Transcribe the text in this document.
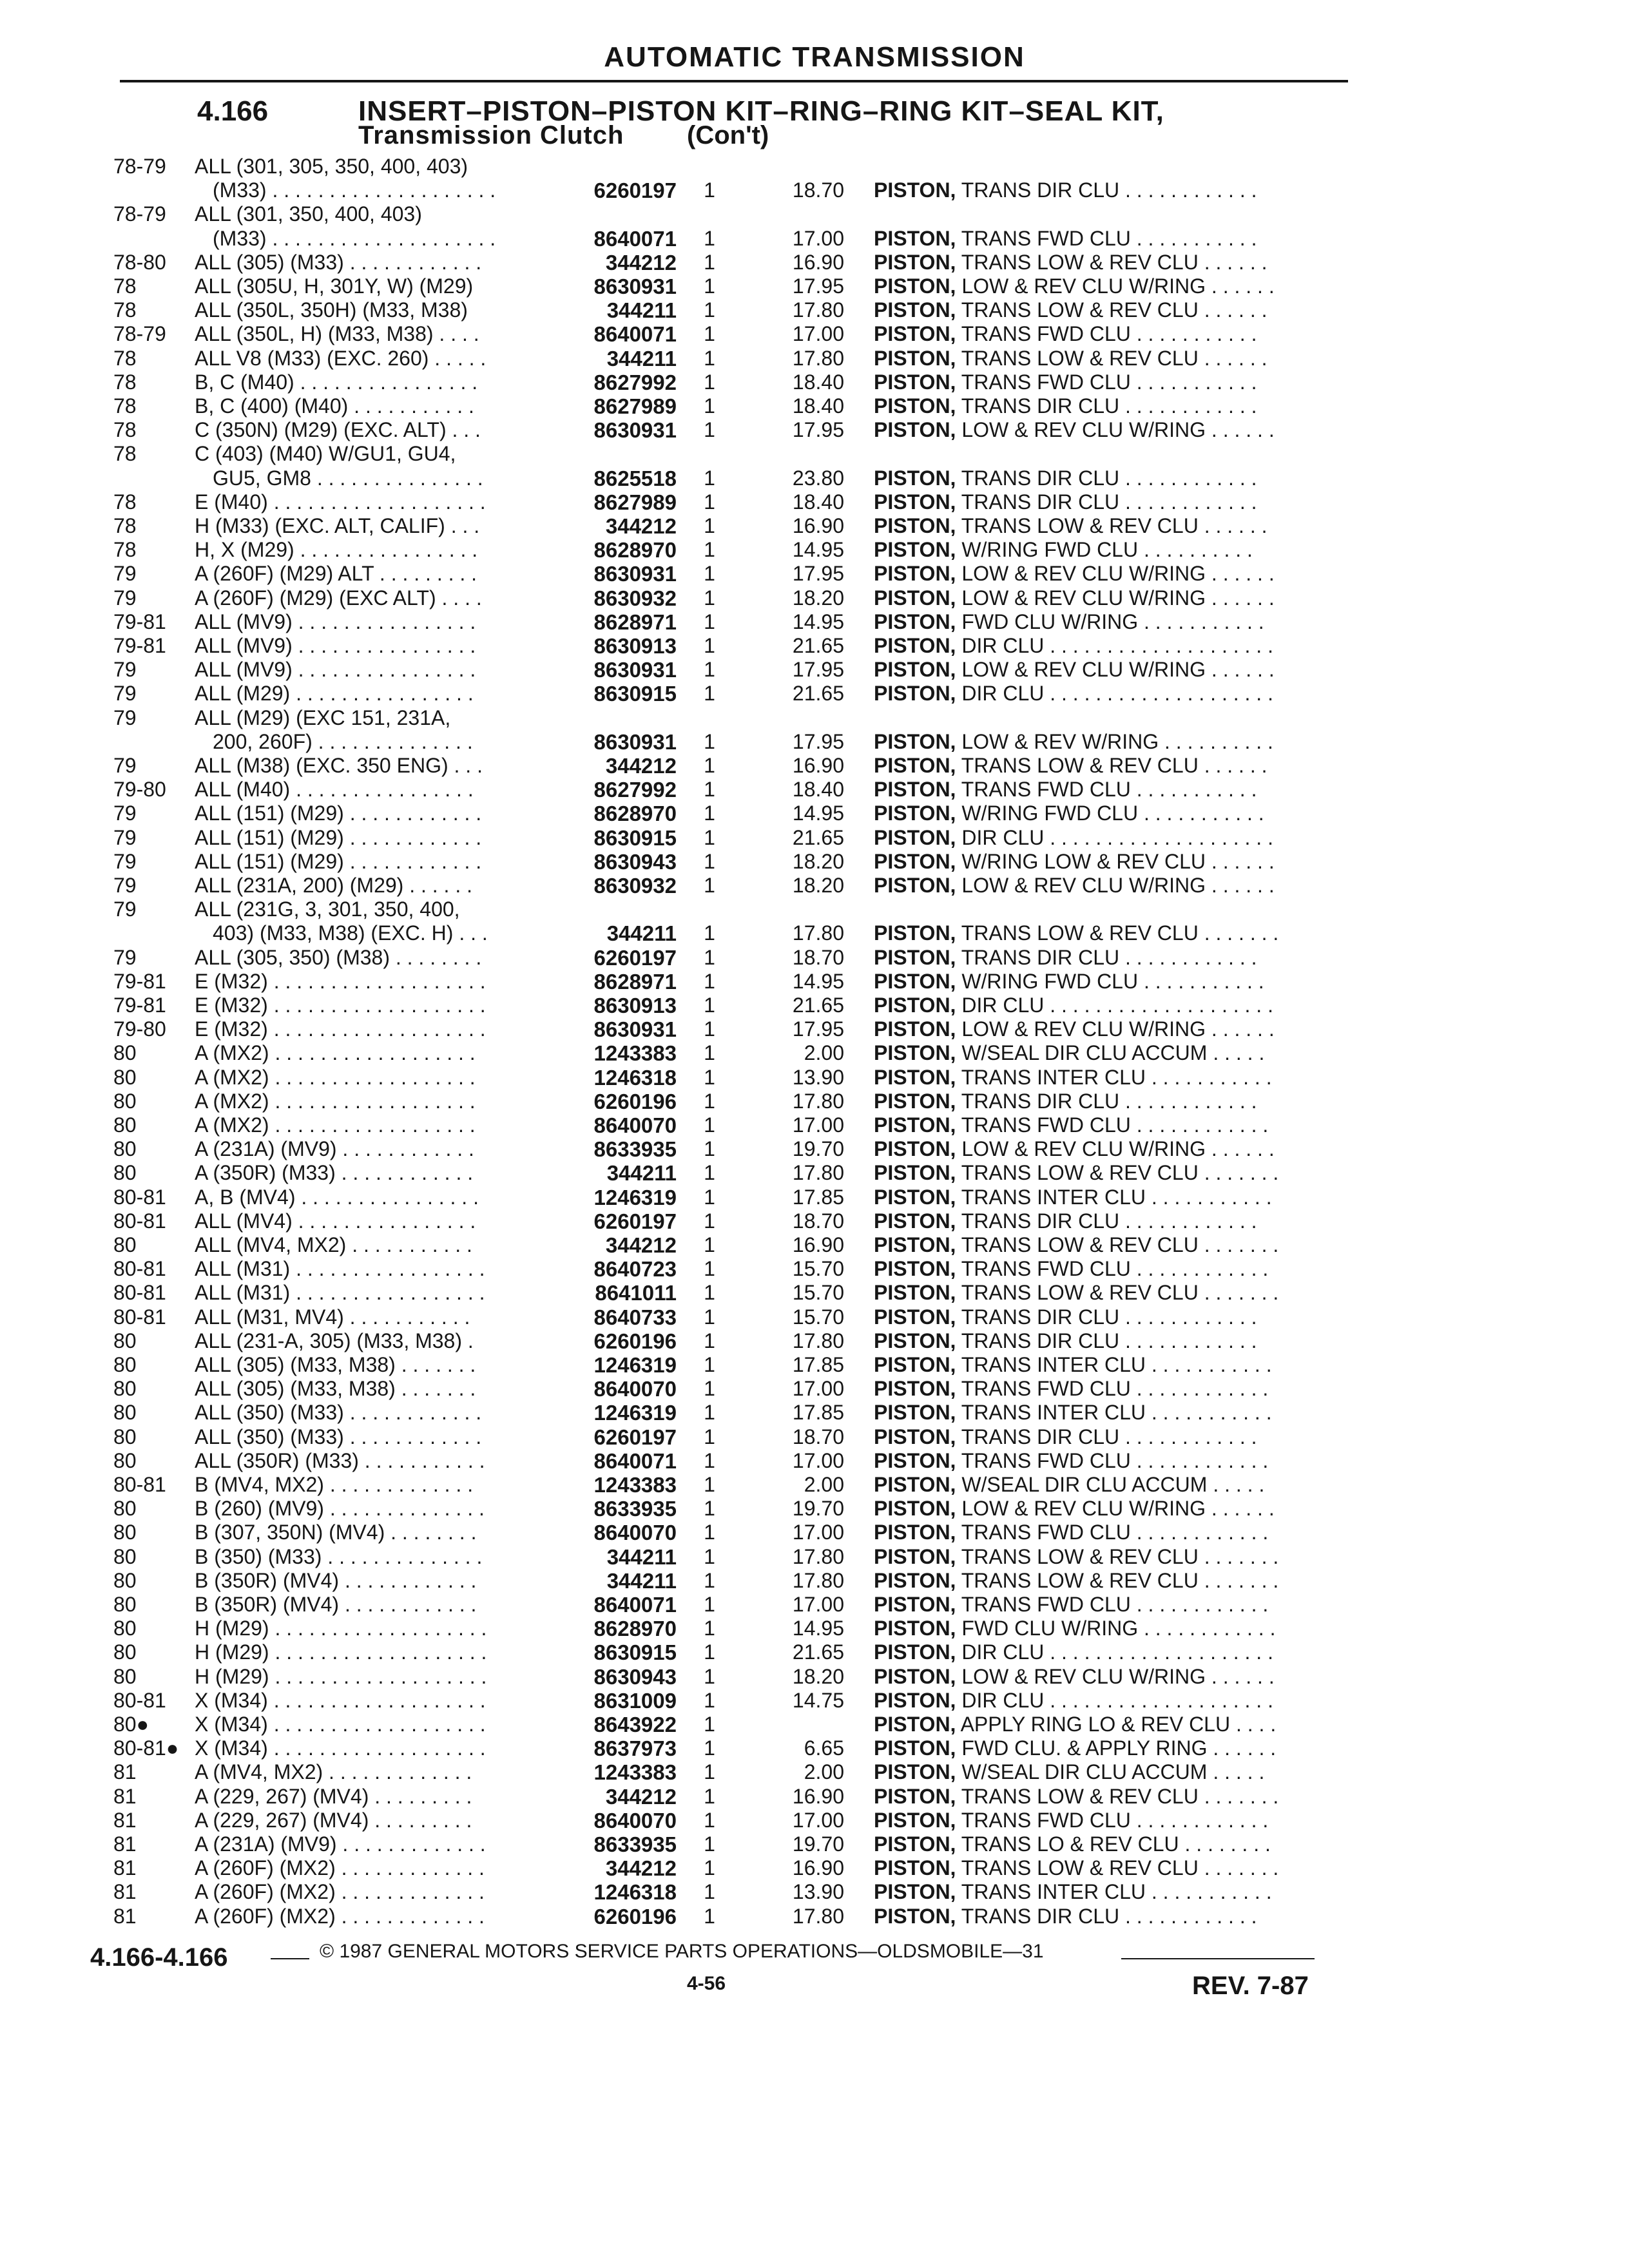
AUTOMATIC TRANSMISSION
4.166	INSERT–PISTON–PISTON KIT–RING–RING KIT–SEAL KIT,
Transmission Clutch (Con't)
78-79 ALL (301, 305, 350, 400, 403)
(M33) . . . . . . . . . . . . . . . . . . . .	6260197 1	18.70 PISTON, TRANS DIR CLU . . . . . . . . . . . .
78-79 ALL (301, 350, 400, 403)
(M33) . . . . . . . . . . . . . . . . . . . .	8640071 1	17.00 PISTON, TRANS FWD CLU . . . . . . . . . . .
78-80 ALL (305) (M33) . . . . . . . . . . . .	344212 1	16.90 PISTON, TRANS LOW & REV CLU . . . . . .
78	ALL (305U, H, 301Y, W) (M29)	8630931 1	17.95 PISTON, LOW & REV CLU W/RING . . . . . .
78	ALL (350L, 350H) (M33, M38)	344211 1	17.80 PISTON, TRANS LOW & REV CLU . . . . . .
78-79 ALL (350L, H) (M33, M38) . . . .	8640071 1	17.00 PISTON, TRANS FWD CLU . . . . . . . . . . .
78	ALL V8 (M33) (EXC. 260) . . . . .	344211 1	17.80 PISTON, TRANS LOW & REV CLU . . . . . .
78	B, C (M40) . . . . . . . . . . . . . . . .	8627992 1	18.40 PISTON, TRANS FWD CLU . . . . . . . . . . .
78	B, C (400) (M40) . . . . . . . . . . .	8627989 1	18.40 PISTON, TRANS DIR CLU . . . . . . . . . . . .
78	C (350N) (M29) (EXC. ALT) . . .	8630931 1	17.95 PISTON, LOW & REV CLU W/RING . . . . . .
78	C (403) (M40) W/GU1, GU4,
GU5, GM8 . . . . . . . . . . . . . . .	8625518 1	23.80 PISTON, TRANS DIR CLU . . . . . . . . . . . .
78	E (M40) . . . . . . . . . . . . . . . . . . .	8627989 1	18.40 PISTON, TRANS DIR CLU . . . . . . . . . . . .
78	H (M33) (EXC. ALT, CALIF) . . .	344212 1	16.90 PISTON, TRANS LOW & REV CLU . . . . . .
78	H, X (M29) . . . . . . . . . . . . . . . .	8628970 1	14.95 PISTON, W/RING FWD CLU . . . . . . . . . .
79	A (260F) (M29) ALT . . . . . . . . .	8630931 1	17.95 PISTON, LOW & REV CLU W/RING . . . . . .
79	A (260F) (M29) (EXC ALT) . . . .	8630932 1	18.20 PISTON, LOW & REV CLU W/RING . . . . . .
79-81 ALL (MV9) . . . . . . . . . . . . . . . .	8628971 1	14.95 PISTON, FWD CLU W/RING . . . . . . . . . . .
79-81 ALL (MV9) . . . . . . . . . . . . . . . .	8630913 1	21.65 PISTON, DIR CLU . . . . . . . . . . . . . . . . . . . .
79	ALL (MV9) . . . . . . . . . . . . . . . .	8630931 1	17.95 PISTON, LOW & REV CLU W/RING . . . . . .
79	ALL (M29) . . . . . . . . . . . . . . . .	8630915 1	21.65 PISTON, DIR CLU . . . . . . . . . . . . . . . . . . . .
79	ALL (M29) (EXC 151, 231A,
200, 260F) . . . . . . . . . . . . . .	8630931 1	17.95 PISTON, LOW & REV W/RING . . . . . . . . . .
79	ALL (M38) (EXC. 350 ENG) . . .	344212 1	16.90 PISTON, TRANS LOW & REV CLU . . . . . .
79-80 ALL (M40) . . . . . . . . . . . . . . . .	8627992 1	18.40 PISTON, TRANS FWD CLU . . . . . . . . . . .
79	ALL (151) (M29) . . . . . . . . . . . .	8628970 1	14.95 PISTON, W/RING FWD CLU . . . . . . . . . . .
79	ALL (151) (M29) . . . . . . . . . . . .	8630915 1	21.65 PISTON, DIR CLU . . . . . . . . . . . . . . . . . . . .
79	ALL (151) (M29) . . . . . . . . . . . .	8630943 1	18.20 PISTON, W/RING LOW & REV CLU . . . . . .
79	ALL (231A, 200) (M29) . . . . . .	8630932 1	18.20 PISTON, LOW & REV CLU W/RING . . . . . .
79	ALL (231G, 3, 301, 350, 400,
403) (M33, M38) (EXC. H) . . .	344211 1	17.80 PISTON, TRANS LOW & REV CLU . . . . . . .
79	ALL (305, 350) (M38) . . . . . . . .	6260197 1	18.70 PISTON, TRANS DIR CLU . . . . . . . . . . . .
79-81 E (M32) . . . . . . . . . . . . . . . . . . .	8628971 1	14.95 PISTON, W/RING FWD CLU . . . . . . . . . . .
79-81 E (M32) . . . . . . . . . . . . . . . . . . .	8630913 1	21.65 PISTON, DIR CLU . . . . . . . . . . . . . . . . . . . .
79-80 E (M32) . . . . . . . . . . . . . . . . . . .	8630931 1	17.95 PISTON, LOW & REV CLU W/RING . . . . . .
80	A (MX2) . . . . . . . . . . . . . . . . . .	1243383 1	2.00 PISTON, W/SEAL DIR CLU ACCUM . . . . .
80	A (MX2) . . . . . . . . . . . . . . . . . .	1246318 1	13.90 PISTON, TRANS INTER CLU . . . . . . . . . . .
80	A (MX2) . . . . . . . . . . . . . . . . . .	6260196 1	17.80 PISTON, TRANS DIR CLU . . . . . . . . . . . .
80	A (MX2) . . . . . . . . . . . . . . . . . .	8640070 1	17.00 PISTON, TRANS FWD CLU . . . . . . . . . . . .
80	A (231A) (MV9) . . . . . . . . . . . .	8633935 1	19.70 PISTON, LOW & REV CLU W/RING . . . . . .
80	A (350R) (M33) . . . . . . . . . . . .	344211 1	17.80 PISTON, TRANS LOW & REV CLU . . . . . . .
80-81 A, B (MV4) . . . . . . . . . . . . . . . .	1246319 1	17.85 PISTON, TRANS INTER CLU . . . . . . . . . . .
80-81 ALL (MV4) . . . . . . . . . . . . . . . .	6260197 1	18.70 PISTON, TRANS DIR CLU . . . . . . . . . . . .
80	ALL (MV4, MX2) . . . . . . . . . . .	344212 1	16.90 PISTON, TRANS LOW & REV CLU . . . . . . .
80-81 ALL (M31) . . . . . . . . . . . . . . . . .	8640723 1	15.70 PISTON, TRANS FWD CLU . . . . . . . . . . . .
80-81 ALL (M31) . . . . . . . . . . . . . . . . .	8641011 1	15.70 PISTON, TRANS LOW & REV CLU . . . . . . .
80-81 ALL (M31, MV4) . . . . . . . . . . .	8640733 1	15.70 PISTON, TRANS DIR CLU . . . . . . . . . . . .
80	ALL (231-A, 305) (M33, M38) .	6260196 1	17.80 PISTON, TRANS DIR CLU . . . . . . . . . . . .
80	ALL (305) (M33, M38) . . . . . . .	1246319 1	17.85 PISTON, TRANS INTER CLU . . . . . . . . . . .
80	ALL (305) (M33, M38) . . . . . . .	8640070 1	17.00 PISTON, TRANS FWD CLU . . . . . . . . . . . .
80	ALL (350) (M33) . . . . . . . . . . . .	1246319 1	17.85 PISTON, TRANS INTER CLU . . . . . . . . . . .
80	ALL (350) (M33) . . . . . . . . . . . .	6260197 1	18.70 PISTON, TRANS DIR CLU . . . . . . . . . . . .
80	ALL (350R) (M33) . . . . . . . . . . .	8640071 1	17.00 PISTON, TRANS FWD CLU . . . . . . . . . . . .
80-81 B (MV4, MX2) . . . . . . . . . . . . .	1243383 1	2.00 PISTON, W/SEAL DIR CLU ACCUM . . . . .
80	B (260) (MV9) . . . . . . . . . . . . . .	8633935 1	19.70 PISTON, LOW & REV CLU W/RING . . . . . .
80	B (307, 350N) (MV4) . . . . . . . .	8640070 1	17.00 PISTON, TRANS FWD CLU . . . . . . . . . . . .
80	B (350) (M33) . . . . . . . . . . . . . .	344211 1	17.80 PISTON, TRANS LOW & REV CLU . . . . . . .
80	B (350R) (MV4) . . . . . . . . . . . .	344211 1	17.80 PISTON, TRANS LOW & REV CLU . . . . . . .
80	B (350R) (MV4) . . . . . . . . . . . .	8640071 1	17.00 PISTON, TRANS FWD CLU . . . . . . . . . . . .
80	H (M29) . . . . . . . . . . . . . . . . . . .	8628970 1	14.95 PISTON, FWD CLU W/RING . . . . . . . . . . . .
80	H (M29) . . . . . . . . . . . . . . . . . . .	8630915 1	21.65 PISTON, DIR CLU . . . . . . . . . . . . . . . . . . . .
80	H (M29) . . . . . . . . . . . . . . . . . . .	8630943 1	18.20 PISTON, LOW & REV CLU W/RING . . . . . .
80-81 X (M34) . . . . . . . . . . . . . . . . . . .	8631009 1	14.75 PISTON, DIR CLU . . . . . . . . . . . . . . . . . . . .
80● X (M34) . . . . . . . . . . . . . . . . . . .	8643922 1	PISTON, APPLY RING LO & REV CLU . . . .
80-81● X (M34) . . . . . . . . . . . . . . . . . . .	8637973 1	6.65 PISTON, FWD CLU. & APPLY RING . . . . . .
81	A (MV4, MX2) . . . . . . . . . . . . .	1243383 1	2.00 PISTON, W/SEAL DIR CLU ACCUM . . . . .
81	A (229, 267) (MV4) . . . . . . . . .	344212 1	16.90 PISTON, TRANS LOW & REV CLU . . . . . . .
81	A (229, 267) (MV4) . . . . . . . . .	8640070 1	17.00 PISTON, TRANS FWD CLU . . . . . . . . . . . .
81	A (231A) (MV9) . . . . . . . . . . . . .	8633935 1	19.70 PISTON, TRANS LO & REV CLU . . . . . . . .
81	A (260F) (MX2) . . . . . . . . . . . . .	344212 1	16.90 PISTON, TRANS LOW & REV CLU . . . . . . .
81	A (260F) (MX2) . . . . . . . . . . . . .	1246318 1	13.90 PISTON, TRANS INTER CLU . . . . . . . . . . .
81	A (260F) (MX2) . . . . . . . . . . . . .	6260196 1	17.80 PISTON, TRANS DIR CLU . . . . . . . . . . . .
4.166-4.166	© 1987 GENERAL MOTORS SERVICE PARTS OPERATIONS—OLDSMOBILE—31
4-56	REV. 7-87
